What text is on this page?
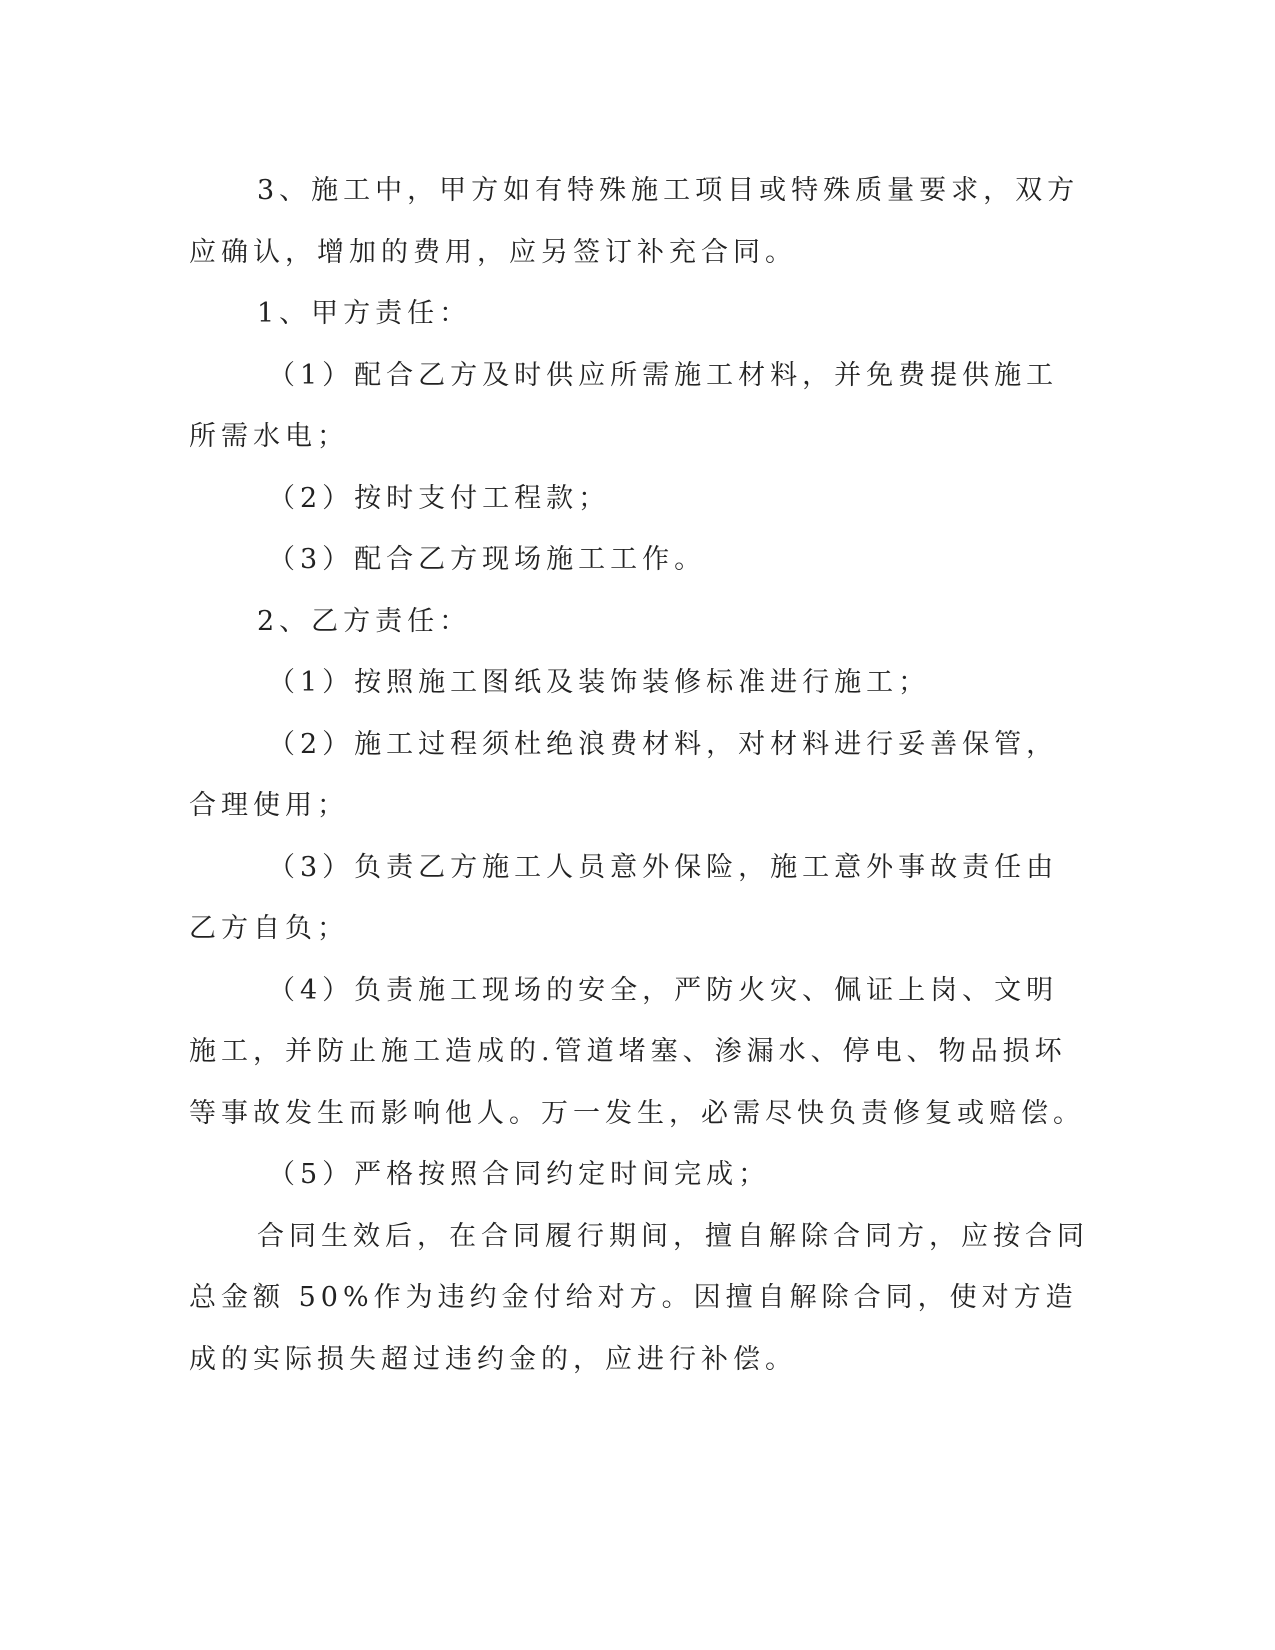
3、施工中，甲方如有特殊施工项目或特殊质量要求，双方应确认，增加的费用，应另签订补充合同。

1、甲方责任：

（1）配合乙方及时供应所需施工材料，并免费提供施工所需水电；

（2）按时支付工程款；

（3）配合乙方现场施工工作。

2、乙方责任：

（1）按照施工图纸及装饰装修标准进行施工；

（2）施工过程须杜绝浪费材料，对材料进行妥善保管，合理使用；

（3）负责乙方施工人员意外保险，施工意外事故责任由乙方自负；

（4）负责施工现场的安全，严防火灾、佩证上岗、文明施工，并防止施工造成的.管道堵塞、渗漏水、停电、物品损坏等事故发生而影响他人。万一发生，必需尽快负责修复或赔偿。

（5）严格按照合同约定时间完成；

合同生效后，在合同履行期间，擅自解除合同方，应按合同总金额 50%作为违约金付给对方。因擅自解除合同，使对方造成的实际损失超过违约金的，应进行补偿。
